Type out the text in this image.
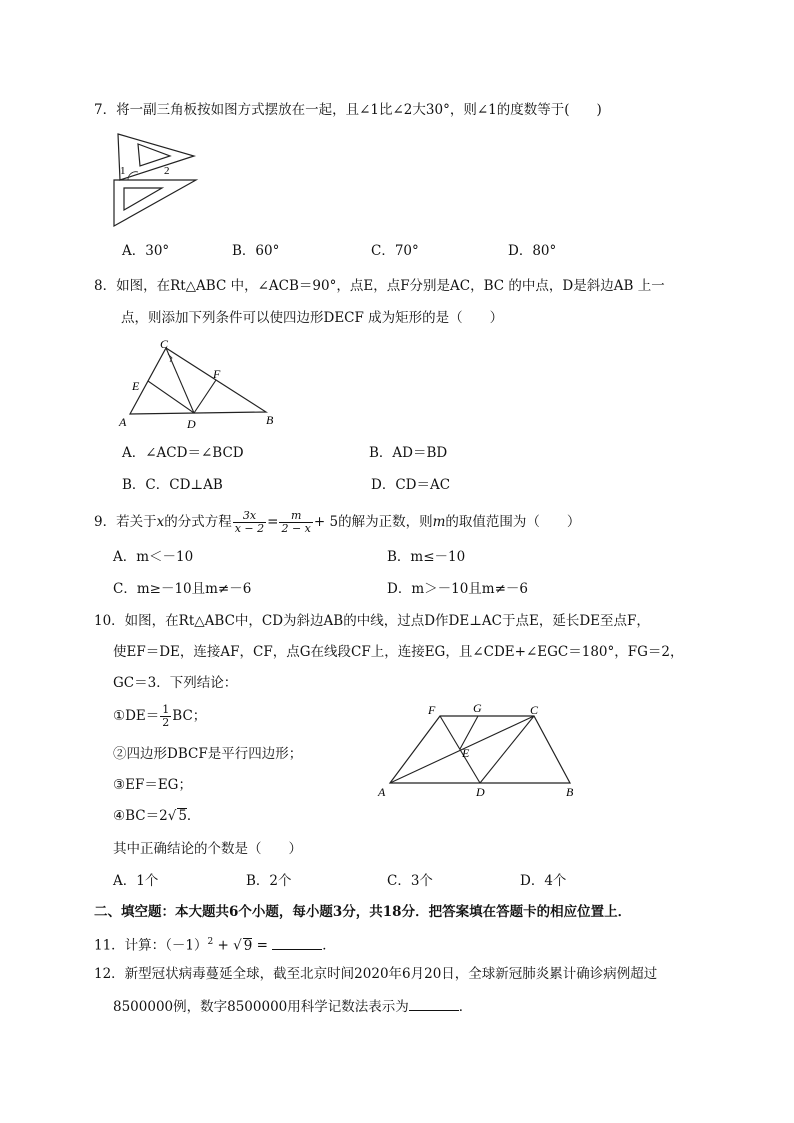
7．将一副三角板按如图方式摆放在一起，且∠1比∠2大30°，则∠1的度数等于(　　)
1	2
A．30°	B．60°	C．70°	D．80°
8．如图，在Rt△ABC 中，∠ACB＝90°，点E，点F分别是AC，BC 的中点，D是斜边AB 上一
点，则添加下列条件可以使四边形DECF 成为矩形的是（　　）
A	B
C
D
E
F
A．∠ACD＝∠BCD	B．AD＝BD
B．C．CD⊥AB	D．CD＝AC
9．若关于x的分式方程 $\frac{3x}{x - 2} = \frac{m}{2 - x} + 5$的解为正数，则m的取值范围为（　　）
A．m＜－10	B．m≤－10
C．m≥－10且m≠－6	D．m＞－10且m≠－6
10．如图，在Rt△ABC中，CD为斜边AB的中线，过点D作DE⊥AC于点E，延长DE至点F，
使EF＝DE，连接AF，CF，点G在线段CF上，连接EG，且∠CDE+∠EGC＝180°，FG＝2，
GC＝3．下列结论：
①DE＝ $\frac{1}{2}$ BC；
②四边形DBCF是平行四边形；
③EF＝EG；
④BC＝2√ 5．
其中正确结论的个数是（　　）
F	G	C
E
A	D	B
A．1个	B．2个	C．3个	D．4个
二、填空题：本大题共6个小题，每小题3分，共18分．把答案填在答题卡的相应位置上．
11．计算：$(-1)^2$ + √ 9 =	．
12．新型冠状病毒蔓延全球，截至北京时间2020年6月20日，全球新冠肺炎累计确诊病例超过
8500000例，数字8500000用科学记数法表示为	．
